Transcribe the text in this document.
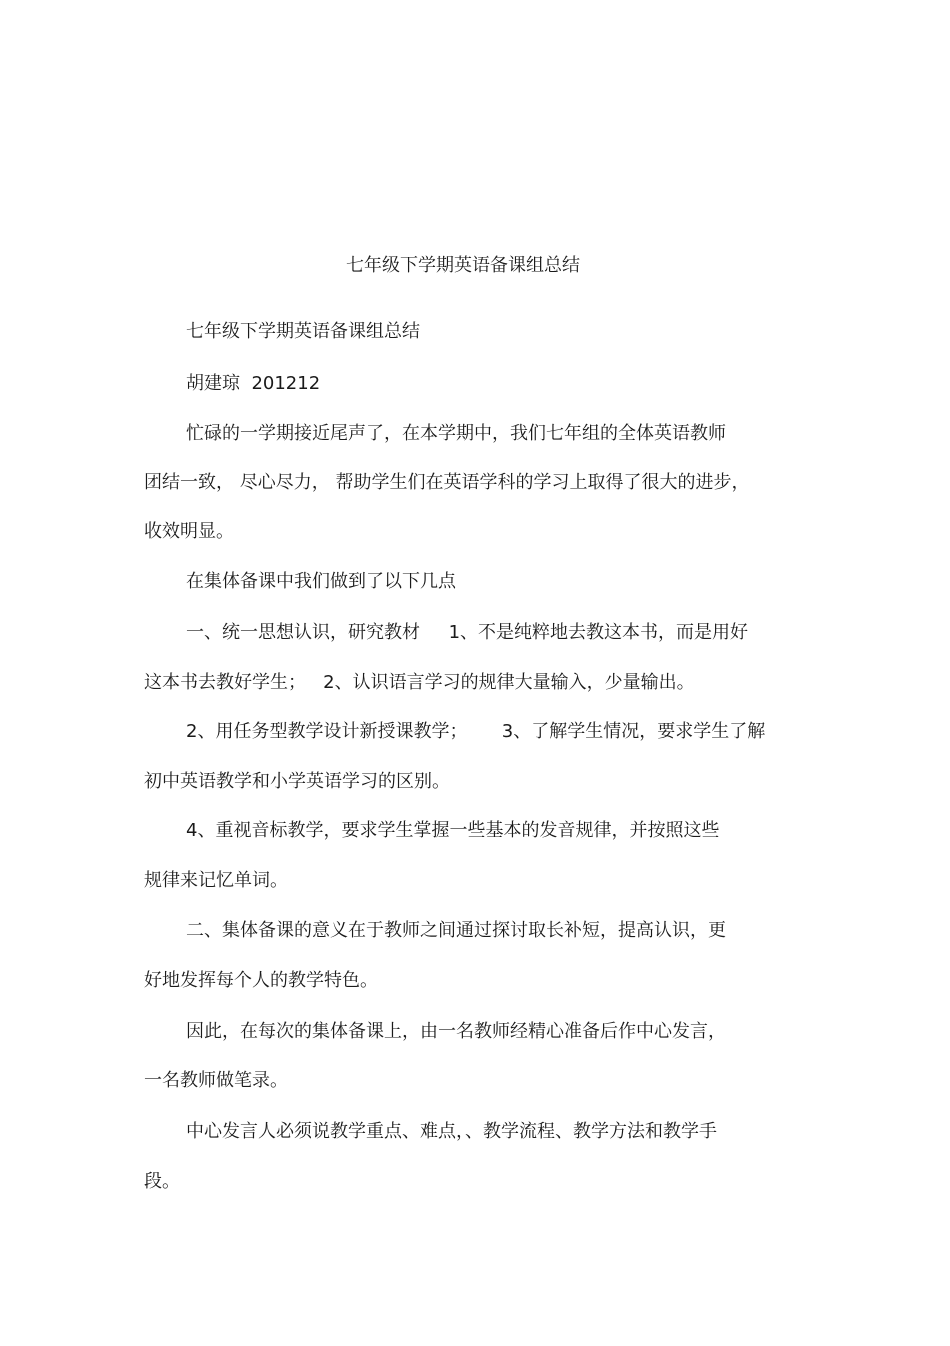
七年级下学期英语备课组总结
七年级下学期英语备课组总结
胡建琼  201212
忙碌的一学期接近尾声了，在本学期中，我们七年组的全体英语教师
团结一致， 尽心尽力， 帮助学生们在英语学科的学习上取得了很大的进步，
收效明显。
在集体备课中我们做到了以下几点
一、统一思想认识，研究教材     1、不是纯粹地去教这本书，而是用好
这本书去教好学生；   2、认识语言学习的规律大量输入，少量输出。
2、用任务型教学设计新授课教学；      3、了解学生情况，要求学生了解
初中英语教学和小学英语学习的区别。
4、重视音标教学，要求学生掌握一些基本的发音规律，并按照这些
规律来记忆单词。
二、集体备课的意义在于教师之间通过探讨取长补短，提高认识，更
好地发挥每个人的教学特色。
因此，在每次的集体备课上，由一名教师经精心准备后作中心发言，
一名教师做笔录。
中心发言人必须说教学重点、难点，、教学流程、教学方法和教学手
段。
